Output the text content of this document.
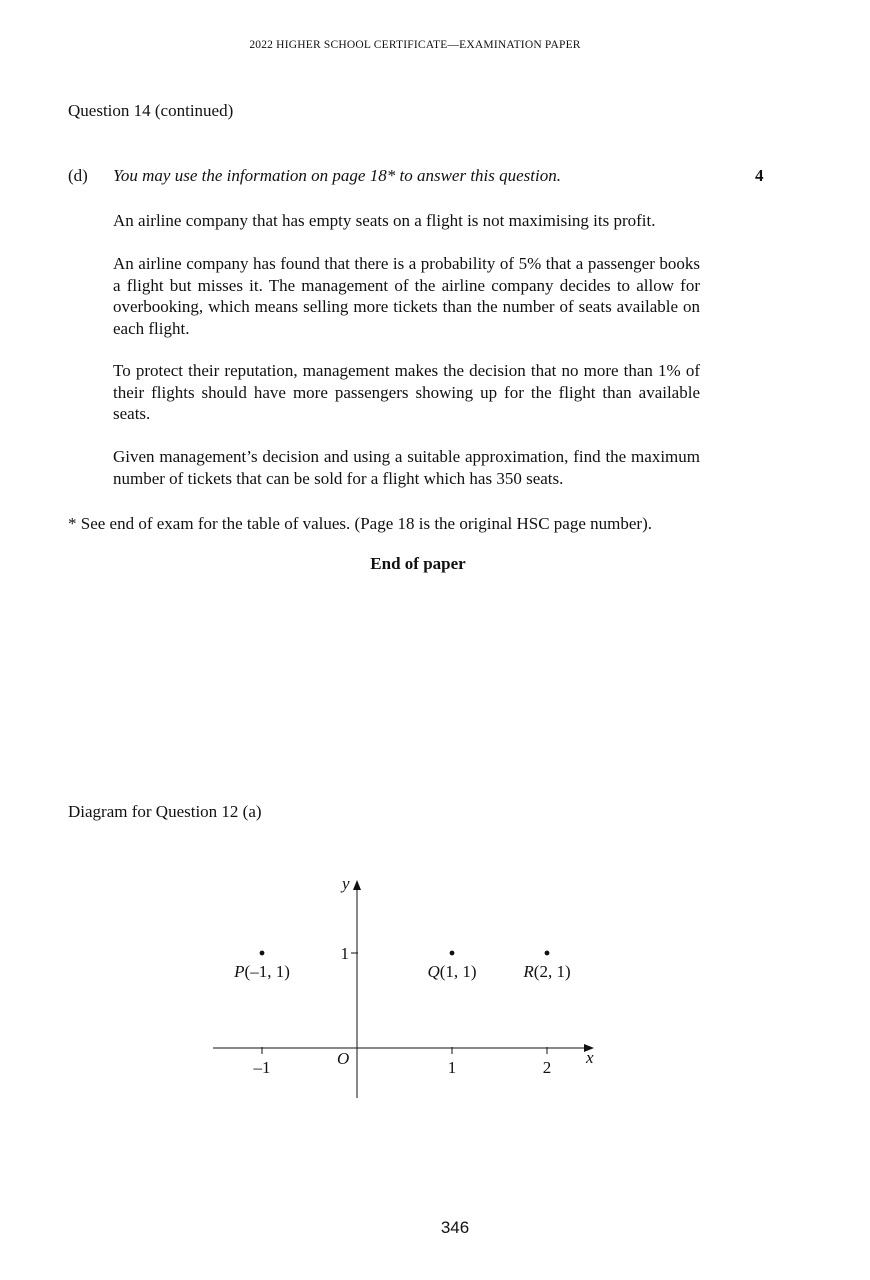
2022 HIGHER SCHOOL CERTIFICATE—EXAMINATION PAPER
Question 14 (continued)
(d) You may use the information on page 18* to answer this question.	4

An airline company that has empty seats on a flight is not maximising its profit.

An airline company has found that there is a probability of 5% that a passenger books a flight but misses it. The management of the airline company decides to allow for overbooking, which means selling more tickets than the number of seats available on each flight.

To protect their reputation, management makes the decision that no more than 1% of their flights should have more passengers showing up for the flight than available seats.

Given management’s decision and using a suitable approximation, find the maximum number of tickets that can be sold for a flight which has 350 seats.

* See end of exam for the table of values. (Page 18 is the original HSC page number).
End of paper
Diagram for Question 12 (a)
x
y
O
–1	1	2
1
P(–1, 1)	Q(1, 1)	R(2, 1)
346
